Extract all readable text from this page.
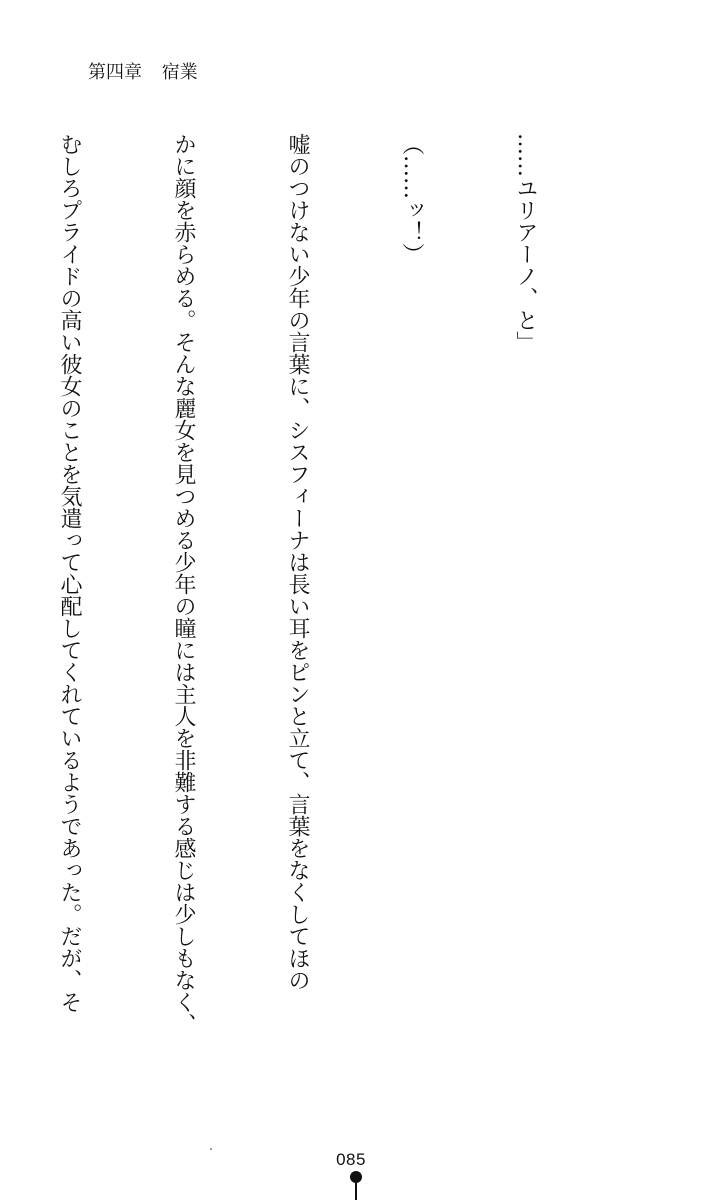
第四章 宿業

……ユリアーノ、と」

（……ッ！）

嘘のつけない少年の言葉に、シスフィーナは長い耳をピンと立て、言葉をなくしてほの

かに顔を赤らめる。そんな麗女を見つめる少年の瞳には主人を非難する感じは少しもなく、

むしろプライドの高い彼女のことを気遣って心配してくれているようであった。だが、そ

085
